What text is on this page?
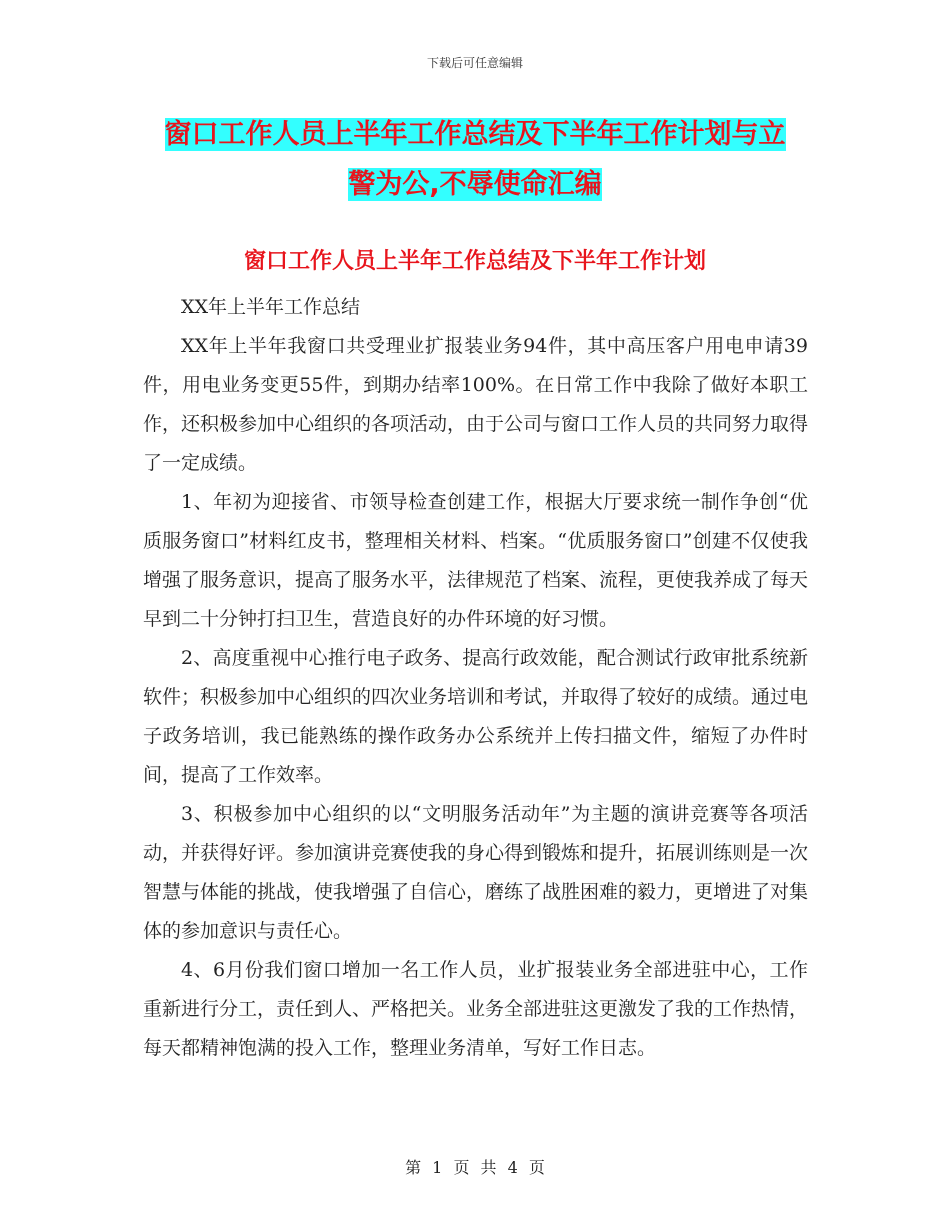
下载后可任意编辑
窗口工作人员上半年工作总结及下半年工作计划与立
警为公,不辱使命汇编
窗口工作人员上半年工作总结及下半年工作计划

XX年上半年工作总结

XX年上半年我窗口共受理业扩报装业务94件，其中高压客户用电申请39件，用电业务变更55件，到期办结率100%。在日常工作中我除了做好本职工作，还积极参加中心组织的各项活动，由于公司与窗口工作人员的共同努力取得了一定成绩。

1、年初为迎接省、市领导检查创建工作，根据大厅要求统一制作争创“优质服务窗口”材料红皮书，整理相关材料、档案。“优质服务窗口”创建不仅使我增强了服务意识，提高了服务水平，法律规范了档案、流程，更使我养成了每天早到二十分钟打扫卫生，营造良好的办件环境的好习惯。

2、高度重视中心推行电子政务、提高行政效能，配合测试行政审批系统新软件；积极参加中心组织的四次业务培训和考试，并取得了较好的成绩。通过电子政务培训，我已能熟练的操作政务办公系统并上传扫描文件，缩短了办件时间，提高了工作效率。

3、积极参加中心组织的以“文明服务活动年”为主题的演讲竞赛等各项活动，并获得好评。参加演讲竞赛使我的身心得到锻炼和提升，拓展训练则是一次智慧与体能的挑战，使我增强了自信心，磨练了战胜困难的毅力，更增进了对集体的参加意识与责任心。

4、6月份我们窗口增加一名工作人员，业扩报装业务全部进驻中心，工作重新进行分工，责任到人、严格把关。业务全部进驻这更激发了我的工作热情，每天都精神饱满的投入工作，整理业务清单，写好工作日志。

第 1 页 共 4 页
